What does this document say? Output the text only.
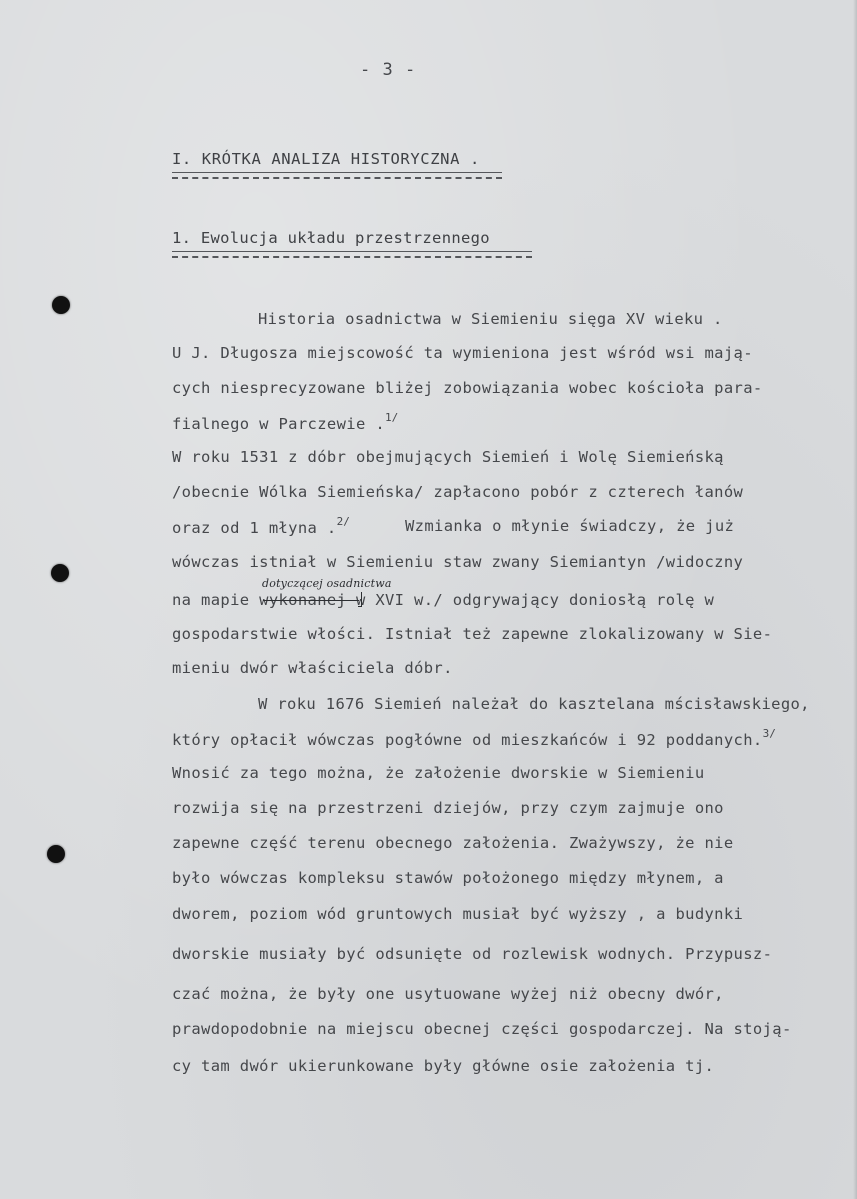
- 3 -
I. KRÓTKA ANALIZA HISTORYCZNA .
1. Ewolucja układu przestrzennego
Historia osadnictwa w Siemieniu sięga XV wieku .
U J. Długosza miejscowość ta wymieniona jest wśród wsi mają-
cych niesprecyzowane bliżej zobowiązania wobec kościoła para-
fialnego w Parczewie .$^{1/}$
W roku 1531 z dóbr obejmujących Siemień i Wolę Siemieńską
/obecnie Wólka Siemieńska/ zapłacono pobór z czterech łanów
oraz od 1 młyna .$^{2/}$	Wzmianka o młynie świadczy, że już
wówczas istniał w Siemieniu staw zwany Siemiantyn /widoczny
dotyczącej osadnictwa
na mapie wykonanej w XVI w./ odgrywający doniosłą rolę w
gospodarstwie włości. Istniał też zapewne zlokalizowany w Sie-
mieniu dwór właściciela dóbr.
W roku 1676 Siemień należał do kasztelana mścisławskiego,
który opłacił wówczas pogłówne od mieszkańców i 92 poddanych.$^{3/}$
Wnosić za tego można, że założenie dworskie w Siemieniu
rozwija się na przestrzeni dziejów, przy czym zajmuje ono
zapewne część terenu obecnego założenia. Zważywszy, że nie
było wówczas kompleksu stawów położonego między młynem, a
dworem, poziom wód gruntowych musiał być wyższy , a budynki
dworskie musiały być odsunięte od rozlewisk wodnych. Przypusz-
czać można, że były one usytuowane wyżej niż obecny dwór,
prawdopodobnie na miejscu obecnej części gospodarczej. Na stoją-
cy tam dwór ukierunkowane były główne osie założenia tj.
